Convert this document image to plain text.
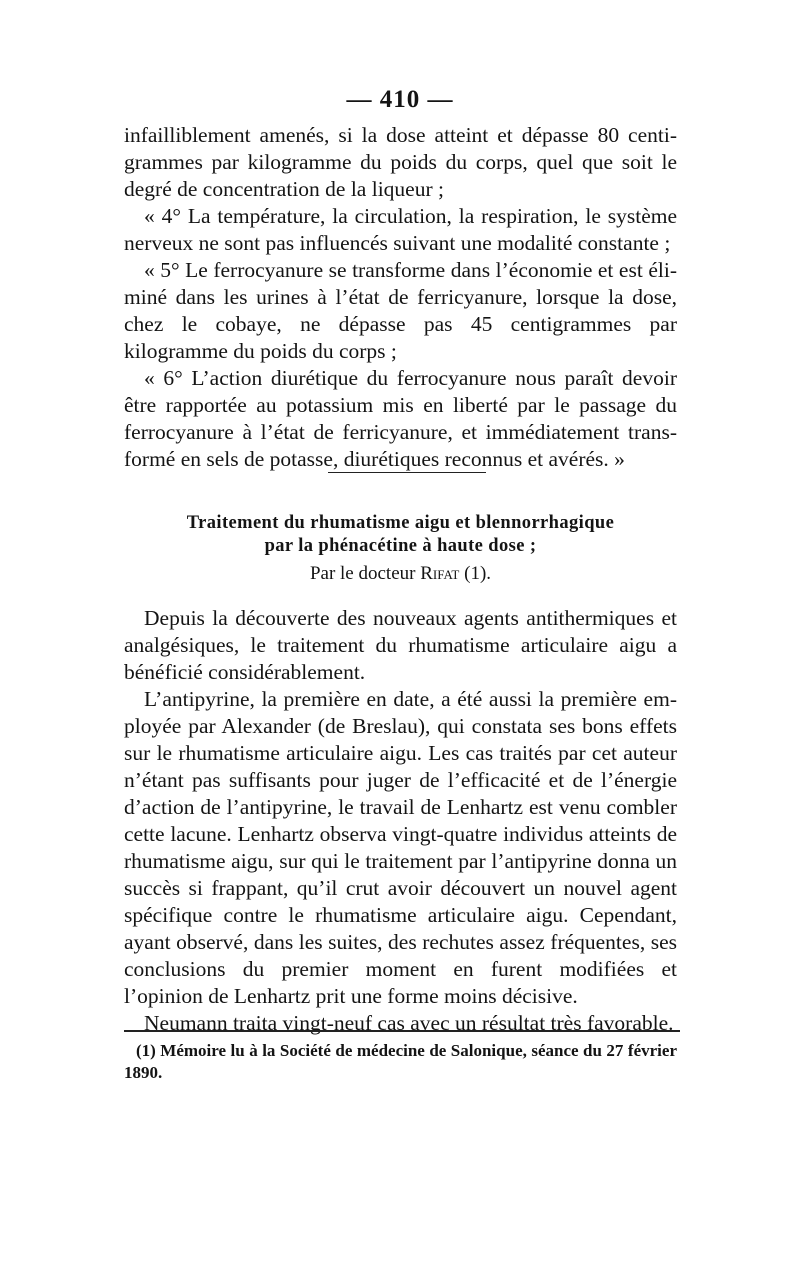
— 410 —

infailliblement amenés, si la dose atteint et dépasse 80 centigrammes par kilogramme du poids du corps, quel que soit le degré de concentration de la liqueur ;

« 4° La température, la circulation, la respiration, le système nerveux ne sont pas influencés suivant une modalité constante ;

« 5° Le ferrocyanure se transforme dans l’économie et est éliminé dans les urines à l’état de ferricyanure, lorsque la dose, chez le cobaye, ne dépasse pas 45 centigrammes par kilogramme du poids du corps ;

« 6° L’action diurétique du ferrocyanure nous paraît devoir être rapportée au potassium mis en liberté par le passage du ferrocyanure à l’état de ferricyanure, et immédiatement transformé en sels de potasse, diurétiques reconnus et avérés. »

Traitement du rhumatisme aigu et blennorrhagique
par la phénacétine à haute dose ;
Par le docteur Rifat (1).

Depuis la découverte des nouveaux agents antithermiques et analgésiques, le traitement du rhumatisme articulaire aigu a bénéficié considérablement.

L’antipyrine, la première en date, a été aussi la première employée par Alexander (de Breslau), qui constata ses bons effets sur le rhumatisme articulaire aigu. Les cas traités par cet auteur n’étant pas suffisants pour juger de l’efficacité et de l’énergie d’action de l’antipyrine, le travail de Lenhartz est venu combler cette lacune. Lenhartz observa vingt-quatre individus atteints de rhumatisme aigu, sur qui le traitement par l’antipyrine donna un succès si frappant, qu’il crut avoir découvert un nouvel agent spécifique contre le rhumatisme articulaire aigu. Cependant, ayant observé, dans les suites, des rechutes assez fréquentes, ses conclusions du premier moment en furent modifiées et l’opinion de Lenhartz prit une forme moins décisive.

Neumann traita vingt-neuf cas avec un résultat très favorable.

(1) Mémoire lu à la Société de médecine de Salonique, séance du 27 février 1890.
